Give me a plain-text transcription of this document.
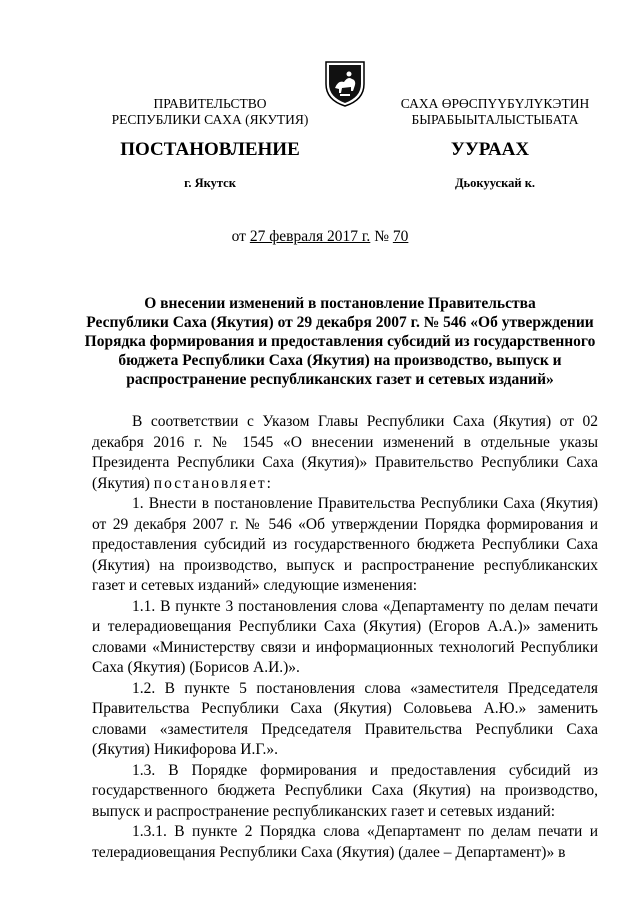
ПРАВИТЕЛЬСТВО
РЕСПУБЛИКИ САХА (ЯКУТИЯ)
САХА ӨРӨСПҮҮБҮЛҮКЭТИН
БЫРАБЫЫТАЛЫСТЫБАТА
ПОСТАНОВЛЕНИЕ	УУРААХ
г. Якутск	Дьокуускай к.
от 27 февраля 2017 г. № 70
О внесении изменений в постановление Правительства
Республики Саха (Якутия) от 29 декабря 2007 г. № 546 «Об утверждении
Порядка формирования и предоставления субсидий из государственного
бюджета Республики Саха (Якутия) на производство, выпуск и
распространение республиканских газет и сетевых изданий»

В соответствии с Указом Главы Республики Саха (Якутия) от 02 декабря 2016 г. № 1545 «О внесении изменений в отдельные указы Президента Республики Саха (Якутия)» Правительство Республики Саха (Якутия) постановляет:

1. Внести в постановление Правительства Республики Саха (Якутия) от 29 декабря 2007 г. № 546 «Об утверждении Порядка формирования и предоставления субсидий из государственного бюджета Республики Саха (Якутия) на производство, выпуск и распространение республиканских газет и сетевых изданий» следующие изменения:

1.1. В пункте 3 постановления слова «Департаменту по делам печати и телерадиовещания Республики Саха (Якутия) (Егоров А.А.)» заменить словами «Министерству связи и информационных технологий Республики Саха (Якутия) (Борисов А.И.)».

1.2. В пункте 5 постановления слова «заместителя Председателя Правительства Республики Саха (Якутия) Соловьева А.Ю.» заменить словами «заместителя Председателя Правительства Республики Саха (Якутия) Никифорова И.Г.».

1.3. В Порядке формирования и предоставления субсидий из государственного бюджета Республики Саха (Якутия) на производство, выпуск и распространение республиканских газет и сетевых изданий:

1.3.1. В пункте 2 Порядка слова «Департамент по делам печати и телерадиовещания Республики Саха (Якутия) (далее – Департамент)» в
